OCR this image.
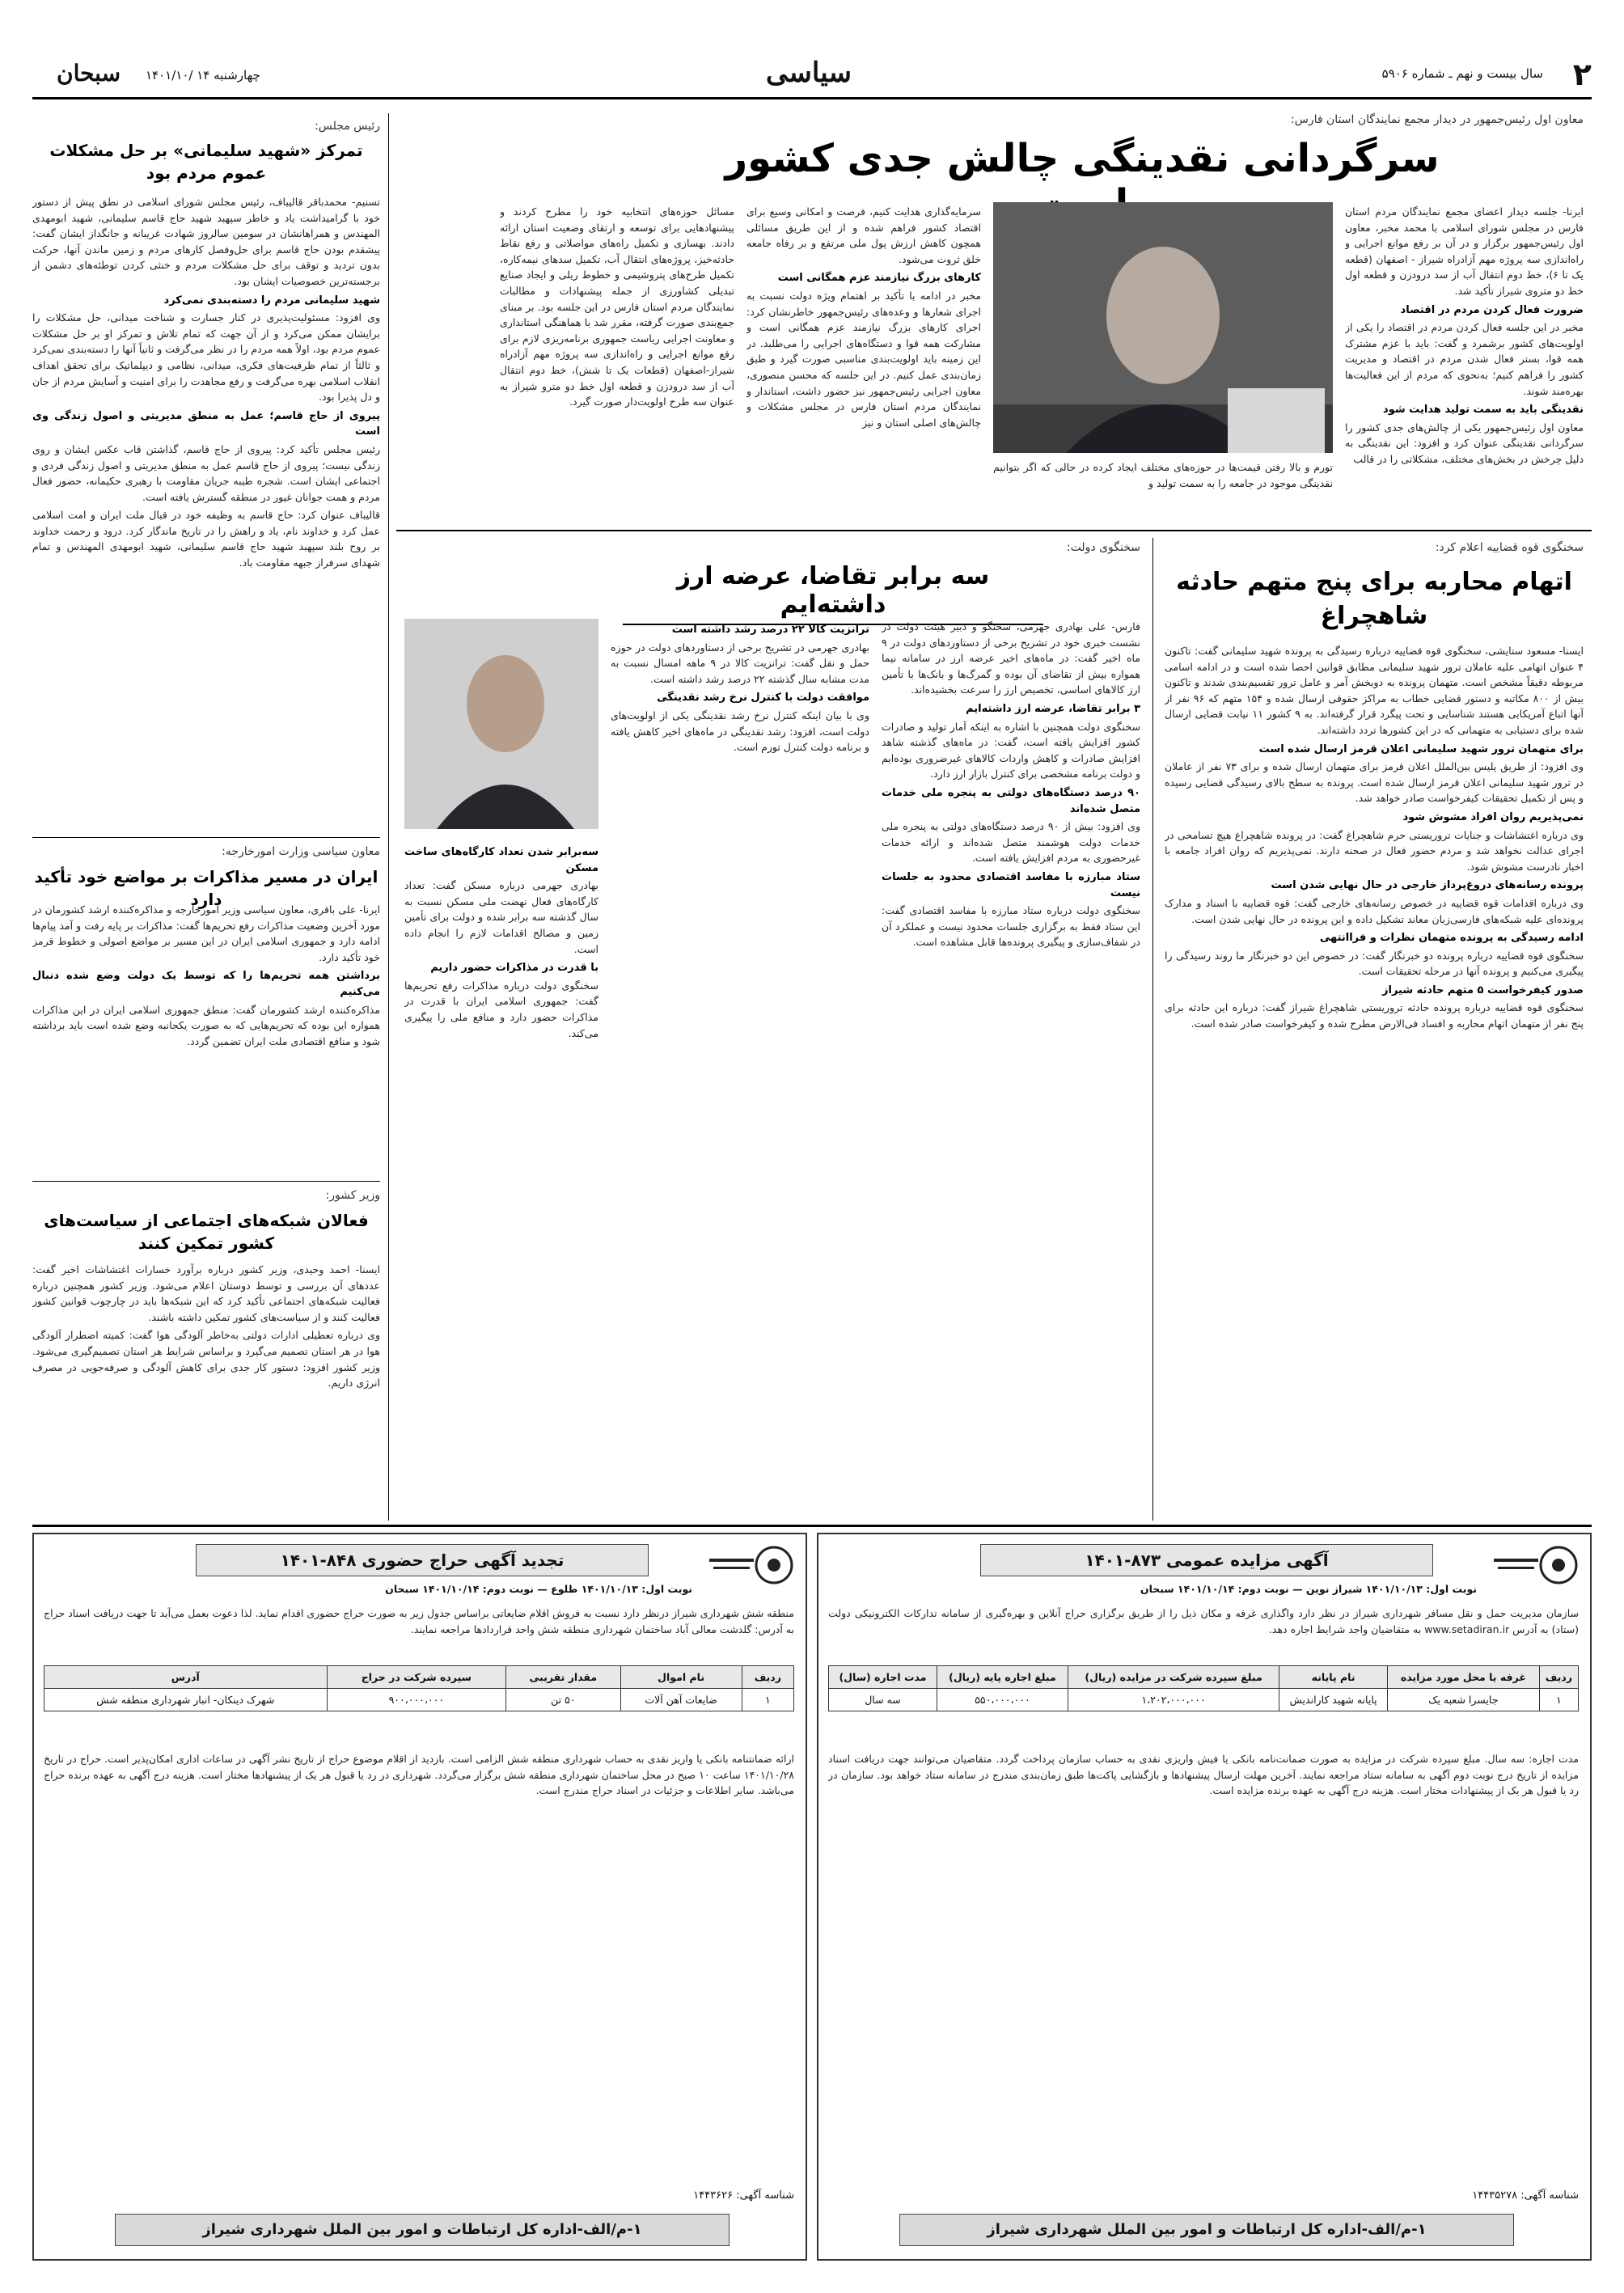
۲
سال بیست و نهم ـ شماره ۵۹۰۶
سیاسی
چهارشنبه ۱۴ /۱۴۰۱/۱۰
سبحان
معاون اول رئیس‌جمهور در دیدار مجمع نمایندگان استان فارس:
سرگردانی نقدینگی چالش جدی کشور

ایرنا- جلسه دیدار اعضای مجمع نمایندگان مردم استان فارس در مجلس شورای اسلامی با محمد مخبر، معاون اول رئیس‌جمهور برگزار و در آن بر رفع موانع اجرایی و راه‌اندازی سه پروژه مهم آزادراه شیراز - اصفهان (قطعه یک تا ۶)، خط دوم انتقال آب از سد درودزن و قطعه اول خط دو متروی شیراز تأکید شد.

ضرورت فعال کردن مردم در اقتصاد

مخبر در این جلسه فعال کردن مردم در اقتصاد را یکی از اولویت‌های کشور برشمرد و گفت: باید با عزم مشترک همه قوا، بستر فعال شدن مردم در اقتصاد و مدیریت کشور را فراهم کنیم؛ به‌نحوی که مردم از این فعالیت‌ها بهره‌مند شوند.

نقدینگی باید به سمت تولید هدایت شود

معاون اول رئیس‌جمهور یکی از چالش‌های جدی کشور را سرگردانی نقدینگی عنوان کرد و افزود: این نقدینگی به دلیل چرخش در بخش‌های مختلف، مشکلاتی را در قالب

تورم و بالا رفتن قیمت‌ها در حوزه‌های مختلف ایجاد کرده در حالی که اگر بتوانیم نقدینگی موجود در جامعه را به سمت تولید و

سرمایه‌گذاری هدایت کنیم، فرصت و امکانی وسیع برای اقتصاد کشور فراهم شده و از این طریق مسائلی همچون کاهش ارزش پول ملی مرتفع و بر رفاه جامعه خلق ثروت می‌شود.

کارهای بزرگ نیازمند عزم همگانی است

مخبر در ادامه با تأکید بر اهتمام ویژه دولت نسبت به اجرای شعارها و وعده‌های رئیس‌جمهور خاطرنشان کرد: اجرای کارهای بزرگ نیازمند عزم همگانی است و مشارکت همه قوا و دستگاه‌های اجرایی را می‌طلبد. در این زمینه باید اولویت‌بندی مناسبی صورت گیرد و طبق زمان‌بندی عمل کنیم. در این جلسه که محسن منصوری، معاون اجرایی رئیس‌جمهور نیز حضور داشت، استاندار و نمایندگان مردم استان فارس در مجلس مشکلات و چالش‌های اصلی استان و نیز

مسائل حوزه‌های انتخابیه خود را مطرح کردند و پیشنهادهایی برای توسعه و ارتقای وضعیت استان ارائه دادند. بهسازی و تکمیل راه‌های مواصلاتی و رفع نقاط حادثه‌خیز، پروژه‌های انتقال آب، تکمیل سدهای نیمه‌کاره، تکمیل طرح‌های پتروشیمی و خطوط ریلی و ایجاد صنایع تبدیلی کشاورزی از جمله پیشنهادات و مطالبات نمایندگان مردم استان فارس در این جلسه بود. بر مبنای جمع‌بندی صورت گرفته، مقرر شد با هماهنگی استانداری و معاونت اجرایی ریاست جمهوری برنامه‌ریزی لازم برای رفع موانع اجرایی و راه‌اندازی سه پروژه مهم آزادراه شیراز-اصفهان (قطعات یک تا شش)، خط دوم انتقال آب از سد درودزن و قطعه اول خط دو مترو شیراز به عنوان سه طرح اولویت‌دار صورت گیرد.

سخنگوی قوه قضاییه اعلام کرد:
اتهام محاربه برای پنج متهم حادثه شاهچراغ

ایسنا- مسعود ستایشی، سخنگوی قوه قضاییه درباره رسیدگی به پرونده شهید سلیمانی گفت: تاکنون ۴ عنوان اتهامی علیه عاملان ترور شهید سلیمانی مطابق قوانین احصا شده است و در ادامه اسامی مربوطه دقیقاً مشخص است. متهمان پرونده به دوبخش آمر و عامل ترور تقسیم‌بندی شدند و تاکنون بیش از ۸۰۰ مکاتبه و دستور قضایی خطاب به مراکز حقوقی ارسال شده و ۱۵۴ متهم که ۹۶ نفر از آنها اتباع آمریکایی هستند شناسایی و تحت پیگرد قرار گرفته‌اند. به ۹ کشور ۱۱ نیابت قضایی ارسال شده برای دستیابی به متهمانی که در این کشورها تردد داشته‌اند.

برای متهمان ترور شهید سلیمانی اعلان قرمز ارسال شده است

وی افزود: از طریق پلیس بین‌الملل اعلان قرمز برای متهمان ارسال شده و برای ۷۳ نفر از عاملان در ترور شهید سلیمانی اعلان قرمز ارسال شده است. پرونده به سطح بالای رسیدگی قضایی رسیده و پس از تکمیل تحقیقات کیفرخواست صادر خواهد شد.

نمی‌پذیریم روان افراد مشوش شود

وی درباره اغتشاشات و جنایات تروریستی حرم شاهچراغ گفت: در پرونده شاهچراغ هیچ تسامحی در اجرای عدالت نخواهد شد و مردم حضور فعال در صحنه دارند. نمی‌پذیریم که روان افراد جامعه با اخبار نادرست مشوش شود.

پرونده رسانه‌های دروغ‌پرداز خارجی در حال نهایی شدن است

وی درباره اقدامات قوه قضاییه در خصوص رسانه‌های خارجی گفت: قوه قضاییه با اسناد و مدارک پرونده‌ای علیه شبکه‌های فارسی‌زبان معاند تشکیل داده و این پرونده در حال نهایی شدن است.

ادامه رسیدگی به پرونده متهمان نظرات و فراانتهی

سخنگوی قوه قضاییه درباره پرونده دو خبرنگار گفت: در خصوص این دو خبرنگار ما روند رسیدگی را پیگیری می‌کنیم و پرونده آنها در مرحله تحقیقات است.

صدور کیفرخواست ۵ متهم حادثه شیراز

سخنگوی قوه قضاییه درباره پرونده حادثه تروریستی شاهچراغ شیراز گفت: درباره این حادثه برای پنج نفر از متهمان اتهام محاربه و افساد فی‌الارض مطرح شده و کیفرخواست صادر شده است.

سخنگوی دولت:
سه برابر تقاضا، عرضه ارز داشته‌ایم

فارس- علی بهادری جهرمی، سخنگو و دبیر هیئت دولت در نشست خبری خود در تشریح برخی از دستاوردهای دولت در ۹ ماه اخیر گفت: در ماه‌های اخیر عرضه ارز در سامانه نیما همواره بیش از تقاضای آن بوده و گمرگ‌ها و بانک‌ها با تأمین ارز کالاهای اساسی، تخصیص ارز را سرعت بخشیده‌اند.

۳ برابر تقاضا، عرضه ارز داشته‌ایم

سخنگوی دولت همچنین با اشاره به اینکه آمار تولید و صادرات کشور افزایش یافته است، گفت: در ماه‌های گذشته شاهد افزایش صادرات و کاهش واردات کالاهای غیرضروری بوده‌ایم و دولت برنامه مشخصی برای کنترل بازار ارز دارد.

۹۰ درصد دستگاه‌های دولتی به پنجره ملی خدمات متصل شده‌اند

وی افزود: بیش از ۹۰ درصد دستگاه‌های دولتی به پنجره ملی خدمات دولت هوشمند متصل شده‌اند و ارائه خدمات غیرحضوری به مردم افزایش یافته است.

ستاد مبارزه با مفاسد اقتصادی محدود به جلسات نیست

سخنگوی دولت درباره ستاد مبارزه با مفاسد اقتصادی گفت: این ستاد فقط به برگزاری جلسات محدود نیست و عملکرد آن در شفاف‌سازی و پیگیری پرونده‌ها قابل مشاهده است.

ترانزیت کالا ۲۲ درصد رشد داشته است

بهادری جهرمی در تشریح برخی از دستاوردهای دولت در حوزه حمل و نقل گفت: ترانزیت کالا در ۹ ماهه امسال نسبت به مدت مشابه سال گذشته ۲۲ درصد رشد داشته است.

موافقت دولت با کنترل نرخ رشد نقدینگی

وی با بیان اینکه کنترل نرخ رشد نقدینگی یکی از اولویت‌های دولت است، افزود: رشد نقدینگی در ماه‌های اخیر کاهش یافته و برنامه دولت کنترل تورم است.

سه‌برابر شدن تعداد کارگاه‌های ساخت مسکن

بهادری جهرمی درباره مسکن گفت: تعداد کارگاه‌های فعال نهضت ملی مسکن نسبت به سال گذشته سه برابر شده و دولت برای تأمین زمین و مصالح اقدامات لازم را انجام داده است.

با قدرت در مذاکرات حضور داریم

سخنگوی دولت درباره مذاکرات رفع تحریم‌ها گفت: جمهوری اسلامی ایران با قدرت در مذاکرات حضور دارد و منافع ملی را پیگیری می‌کند.

رئیس مجلس:
تمرکز «شهید سلیمانی» بر حل مشکلات عموم مردم بود

تسنیم- محمدباقر قالیباف، رئیس مجلس شورای اسلامی در نطق پیش از دستور خود با گرامیداشت یاد و خاطر سپهبد شهید حاج قاسم سلیمانی، شهید ابومهدی المهندس و همراهانشان در سومین سالروز شهادت غریبانه و جانگداز ایشان گفت: پیشقدم بودن حاج قاسم برای حل‌وفصل کارهای مردم و زمین ماندن آنها، حرکت بدون تردید و توقف برای حل مشکلات مردم و خنثی کردن توطئه‌های دشمن از برجسته‌ترین خصوصیات ایشان بود.

شهید سلیمانی مردم را دسته‌بندی نمی‌کرد

وی افزود: مسئولیت‌پذیری در کنار جسارت و شناخت میدانی، حل مشکلات را برایشان ممکن می‌کرد و از آن جهت که تمام تلاش و تمرکز او بر حل مشکلات عموم مردم بود، اولاً همه مردم را در نظر می‌گرفت و ثانیاً آنها را دسته‌بندی نمی‌کرد و ثالثاً از تمام ظرفیت‌های فکری، میدانی، نظامی و دیپلماتیک برای تحقق اهداف انقلاب اسلامی بهره می‌گرفت و رفع مجاهدت را برای امنیت و آسایش مردم از جان و دل پذیرا بود.

پیروی از حاج قاسم؛ عمل به منطق مدیریتی و اصول زندگی وی است

رئیس مجلس تأکید کرد: پیروی از حاج قاسم، گذاشتن قاب عکس ایشان و روی زندگی نیست؛ پیروی از حاج قاسم عمل به منطق مدیریتی و اصول زندگی فردی و اجتماعی ایشان است. شجره طیبه جریان مقاومت با رهبری حکیمانه، حضور فعال مردم و همت جوانان غیور در منطقه گسترش یافته است.

قالیباف عنوان کرد: حاج قاسم به وظیفه خود در قبال ملت ایران و امت اسلامی عمل کرد و خداوند نام، یاد و راهش را در تاریخ ماندگار کرد. درود و رحمت خداوند بر روح بلند سپهبد شهید حاج قاسم سلیمانی، شهید ابومهدی المهندس و تمام شهدای سرفراز جبهه مقاومت باد.

معاون سیاسی وزارت امورخارجه:
ایران در مسیر مذاکرات بر مواضع خود تأکید دارد

ایرنا- علی باقری، معاون سیاسی وزیر امورخارجه و مذاکره‌کننده ارشد کشورمان در مورد آخرین وضعیت مذاکرات رفع تحریم‌ها گفت: مذاکرات بر پایه رفت و آمد پیام‌ها ادامه دارد و جمهوری اسلامی ایران در این مسیر بر مواضع اصولی و خطوط قرمز خود تأکید دارد.

برداشتن همه تحریم‌ها را که توسط یک دولت وضع شده دنبال می‌کنیم

مذاکره‌کننده ارشد کشورمان گفت: منطق جمهوری اسلامی ایران در این مذاکرات همواره این بوده که تحریم‌هایی که به صورت یکجانبه وضع شده است باید برداشته شود و منافع اقتصادی ملت ایران تضمین گردد.

وزیر کشور:
فعالان شبکه‌های اجتماعی از سیاست‌های کشور تمکین کنند

ایسنا- احمد وحیدی، وزیر کشور درباره برآورد خسارات اغتشاشات اخیر گفت: عددهای آن بررسی و توسط دوستان اعلام می‌شود. وزیر کشور همچنین درباره فعالیت شبکه‌های اجتماعی تأکید کرد که این شبکه‌ها باید در چارچوب قوانین کشور فعالیت کنند و از سیاست‌های کشور تمکین داشته باشند.

وی درباره تعطیلی ادارات دولتی به‌خاطر آلودگی هوا گفت: کمیته اضطرار آلودگی هوا در هر استان تصمیم می‌گیرد و براساس شرایط هر استان تصمیم‌گیری می‌شود. وزیر کشور افزود: دستور کار جدی برای کاهش آلودگی و صرفه‌جویی در مصرف انرژی داریم.

آگهی مزایده عمومی ۸۷۳-۱۴۰۱
نوبت اول: ۱۴۰۱/۱۰/۱۳ شیراز نوین — نوبت دوم: ۱۴۰۱/۱۰/۱۴ سبحان

سازمان مدیریت حمل و نقل مسافر شهرداری شیراز در نظر دارد واگذاری غرفه و مکان ذیل را از طریق برگزاری حراج آنلاین و بهره‌گیری از سامانه تدارکات الکترونیکی دولت (ستاد) به آدرس www.setadiran.ir به متقاضیان واجد شرایط اجاره دهد.

ردیف	غرفه یا محل مورد مزایده	نام پایانه	مبلغ سپرده شرکت در مزایده (ریال)	مبلغ اجاره پایه (ریال)	مدت اجاره (سال)
۱	جایسرا شعبه یک	پایانه شهید کاراندیش	۱،۲۰۲،۰۰۰،۰۰۰	۵۵۰،۰۰۰،۰۰۰	سه سال

مدت اجاره: سه سال. مبلغ سپرده شرکت در مزایده به صورت ضمانت‌نامه بانکی یا فیش واریزی نقدی به حساب سازمان پرداخت گردد. متقاضیان می‌توانند جهت دریافت اسناد مزایده از تاریخ درج نوبت دوم آگهی به سامانه ستاد مراجعه نمایند. آخرین مهلت ارسال پیشنهادها و بازگشایی پاکت‌ها طبق زمان‌بندی مندرج در سامانه ستاد خواهد بود. سازمان در رد یا قبول هر یک از پیشنهادات مختار است. هزینه درج آگهی به عهده برنده مزایده است.

شناسه آگهی: ۱۴۴۳۵۲۷۸
۱-م/الف-اداره کل ارتباطات و امور بین الملل شهرداری شیراز
تجدید آگهی حراج حضوری ۸۴۸-۱۴۰۱
نوبت اول: ۱۴۰۱/۱۰/۱۳ طلوع — نوبت دوم: ۱۴۰۱/۱۰/۱۴ سبحان

منطقه شش شهرداری شیراز درنظر دارد نسبت به فروش اقلام ضایعاتی براساس جدول زیر به صورت حراج حضوری اقدام نماید. لذا دعوت بعمل می‌آید تا جهت دریافت اسناد حراج به آدرس: گلدشت معالی آباد ساختمان شهرداری منطقه شش واحد قراردادها مراجعه نمایند.

ردیف	نام اموال	مقدار تقریبی	سپرده شرکت در حراج	آدرس
۱	ضایعات آهن آلات	۵۰ تن	۹۰۰،۰۰۰،۰۰۰	شهرک دینکان- انبار شهرداری منطقه شش

ارائه ضمانتنامه بانکی یا واریز نقدی به حساب شهرداری منطقه شش الزامی است. بازدید از اقلام موضوع حراج از تاریخ نشر آگهی در ساعات اداری امکان‌پذیر است. حراج در تاریخ ۱۴۰۱/۱۰/۲۸ ساعت ۱۰ صبح در محل ساختمان شهرداری منطقه شش برگزار می‌گردد. شهرداری در رد یا قبول هر یک از پیشنهادها مختار است. هزینه درج آگهی به عهده برنده حراج می‌باشد. سایر اطلاعات و جزئیات در اسناد حراج مندرج است.

شناسه آگهی: ۱۴۴۳۶۲۶
۱-م/الف-اداره کل ارتباطات و امور بین الملل شهرداری شیراز
